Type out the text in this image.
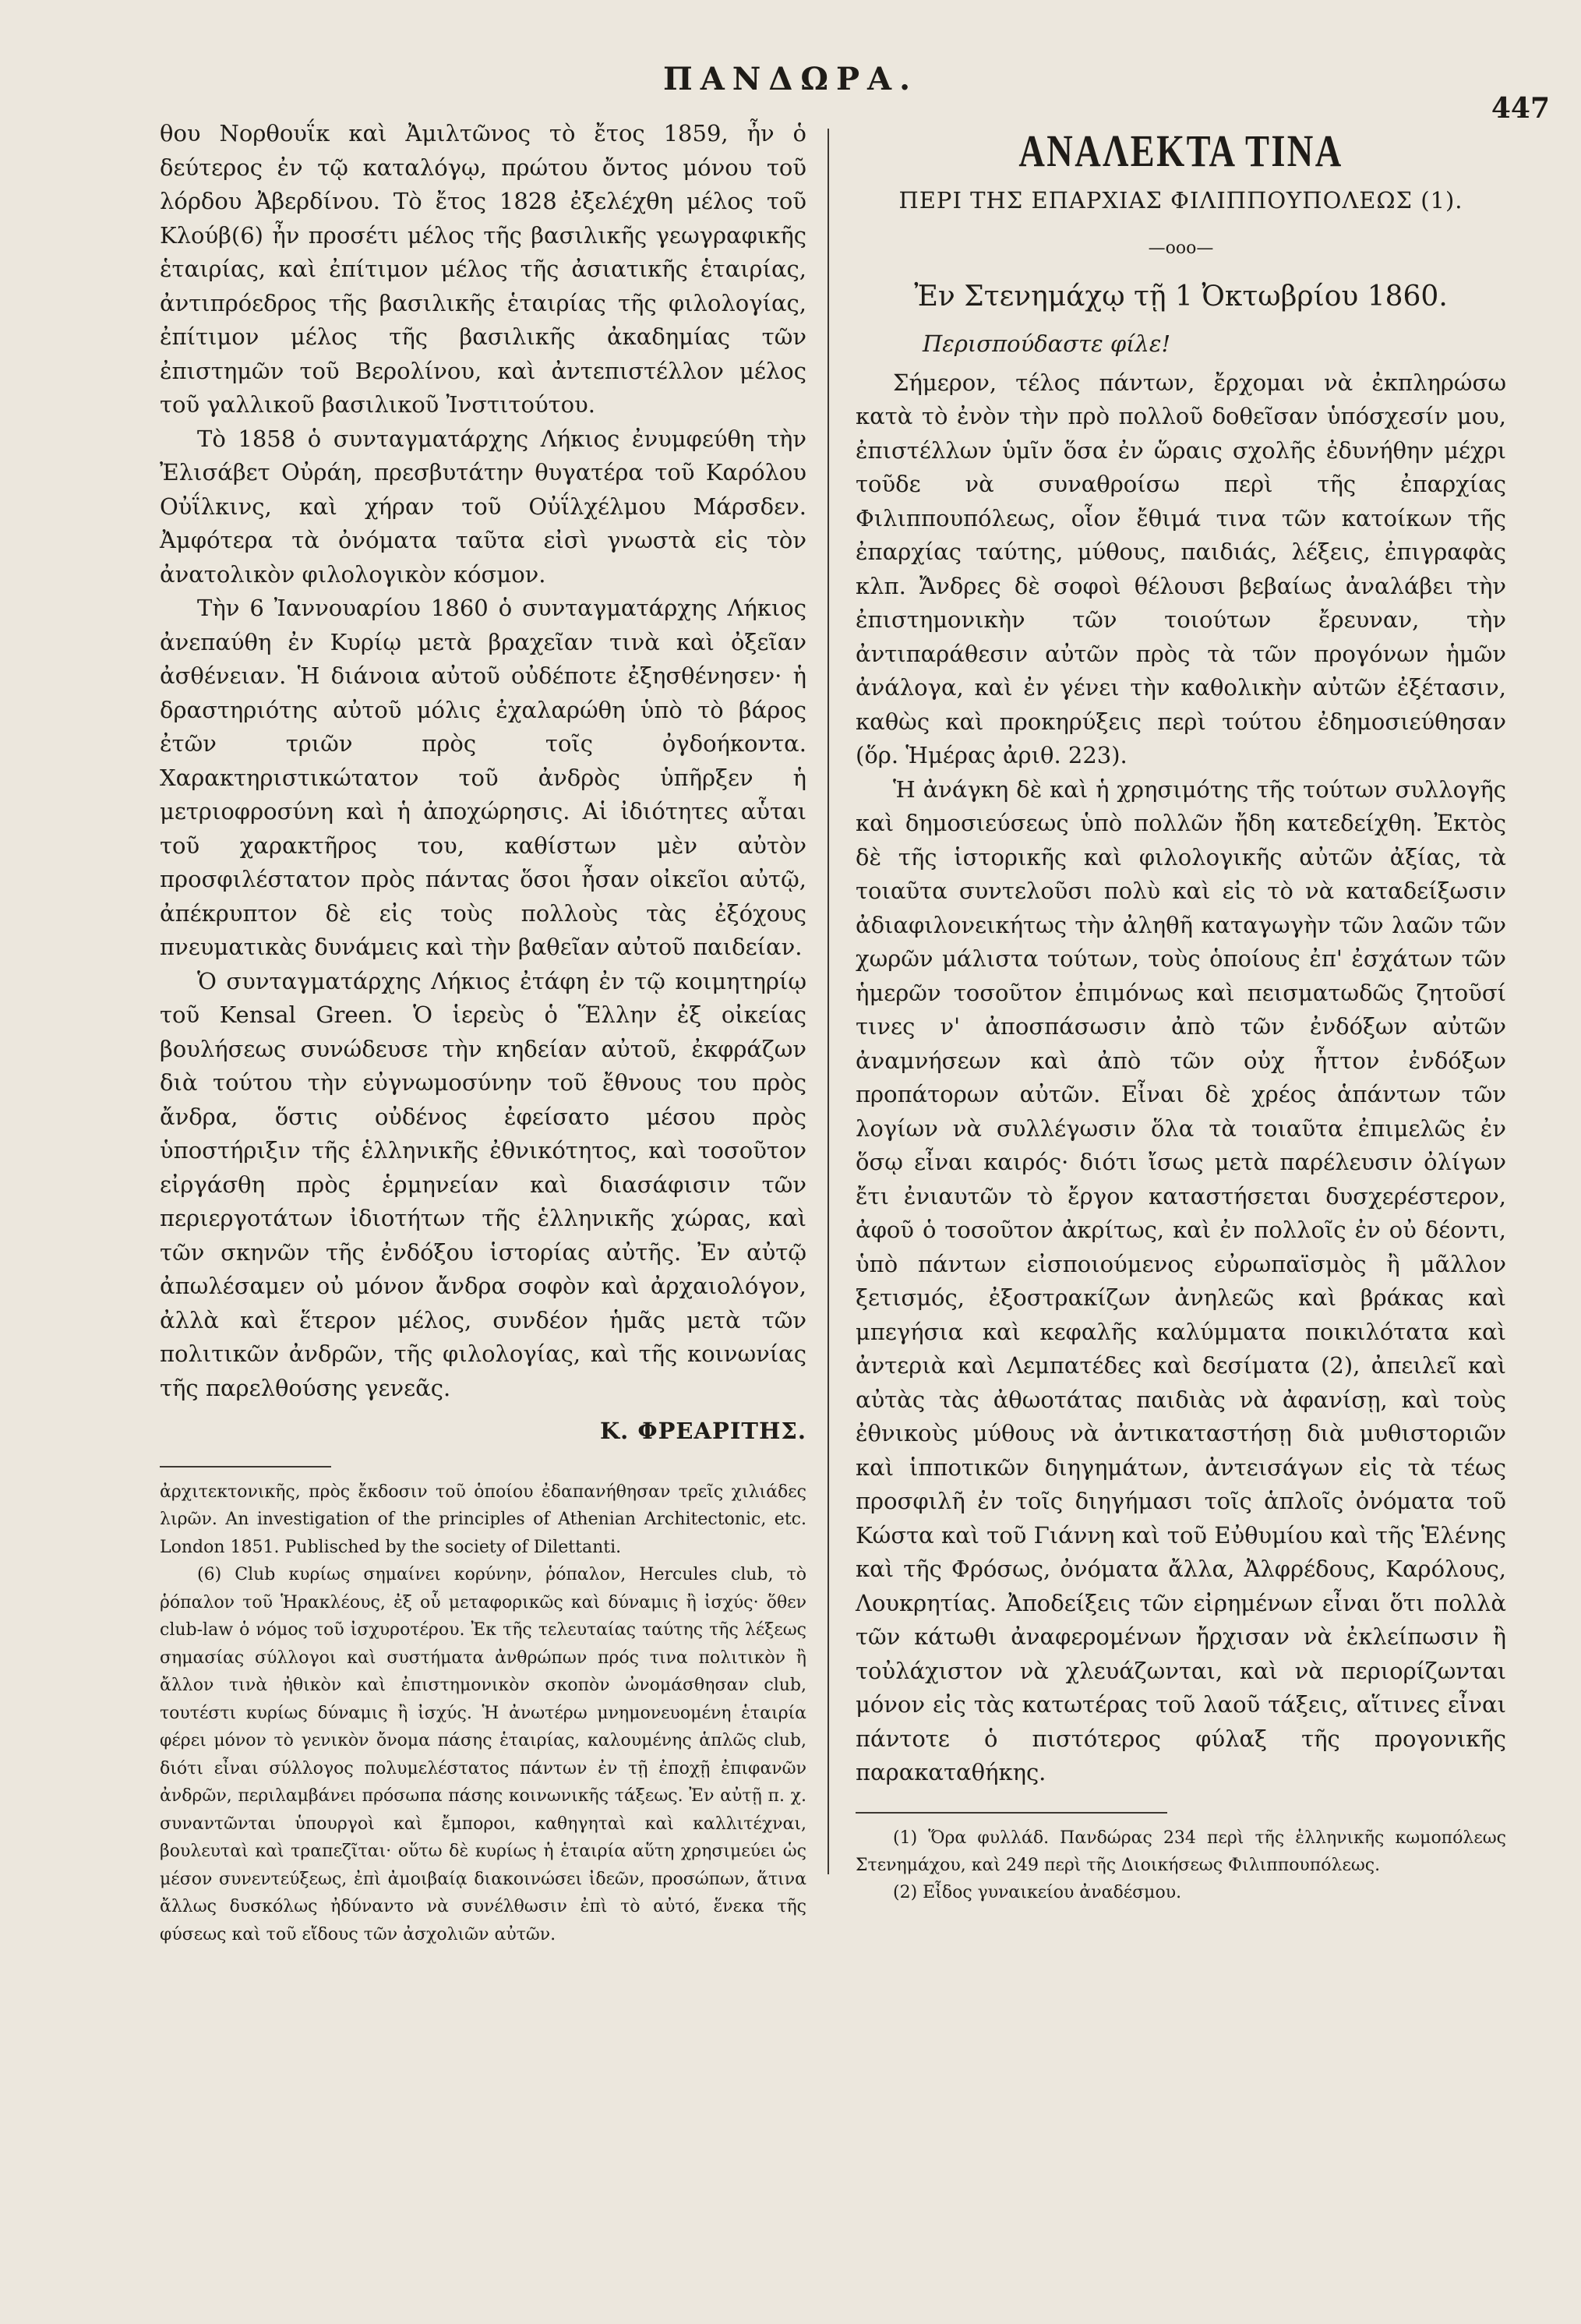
ΠΑΝΔΩΡΑ.
447

θου Νορθουΐκ καὶ Ἀμιλτῶνος τὸ ἔτος 1859, ἦν ὁ δεύτερος ἐν τῷ καταλόγῳ, πρώτου ὄντος μόνου τοῦ λόρδου Ἀβερδίνου. Τὸ ἔτος 1828 ἐξελέχθη μέλος τοῦ Κλούβ(6) ἦν προσέτι μέλος τῆς βασιλικῆς γεωγραφικῆς ἑταιρίας, καὶ ἐπίτιμον μέλος τῆς ἀσιατικῆς ἑταιρίας, ἀντιπρόεδρος τῆς βασιλικῆς ἑταιρίας τῆς φιλολογίας, ἐπίτιμον μέλος τῆς βασιλικῆς ἀκαδημίας τῶν ἐπιστημῶν τοῦ Βερολίνου, καὶ ἀντεπιστέλλον μέλος τοῦ γαλλικοῦ βασιλικοῦ Ἰνστιτούτου.

Τὸ 1858 ὁ συνταγματάρχης Λήκιος ἐνυμφεύθη τὴν Ἐλισάβετ Οὐράη, πρεσβυτάτην θυγατέρα τοῦ Καρόλου Οὐΐλκινς, καὶ χήραν τοῦ Οὐΐλχέλμου Μάρσδεν. Ἀμφότερα τὰ ὀνόματα ταῦτα εἰσὶ γνωστὰ εἰς τὸν ἀνατολικὸν φιλολογικὸν κόσμον.

Τὴν 6 Ἰαννουαρίου 1860 ὁ συνταγματάρχης Λήκιος ἀνεπαύθη ἐν Κυρίῳ μετὰ βραχεῖαν τινὰ καὶ ὀξεῖαν ἀσθένειαν. Ἡ διάνοια αὐτοῦ οὐδέποτε ἐξησθένησεν· ἡ δραστηριότης αὐτοῦ μόλις ἐχαλαρώθη ὑπὸ τὸ βάρος ἐτῶν τριῶν πρὸς τοῖς ὀγδοήκοντα. Χαρακτηριστικώτατον τοῦ ἀνδρὸς ὑπῆρξεν ἡ μετριοφροσύνη καὶ ἡ ἀποχώρησις. Αἱ ἰδιότητες αὗται τοῦ χαρακτῆρος του, καθίστων μὲν αὐτὸν προσφιλέστατον πρὸς πάντας ὅσοι ἦσαν οἰκεῖοι αὐτῷ, ἀπέκρυπτον δὲ εἰς τοὺς πολλοὺς τὰς ἐξόχους πνευματικὰς δυνάμεις καὶ τὴν βαθεῖαν αὐτοῦ παιδείαν.

Ὁ συνταγματάρχης Λήκιος ἐτάφη ἐν τῷ κοιμητηρίῳ τοῦ Kensal Green. Ὁ ἱερεὺς ὁ Ἕλλην ἐξ οἰκείας βουλήσεως συνώδευσε τὴν κηδείαν αὐτοῦ, ἐκφράζων διὰ τούτου τὴν εὐγνωμοσύνην τοῦ ἔθνους του πρὸς ἄνδρα, ὅστις οὐδένος ἐφείσατο μέσου πρὸς ὑποστήριξιν τῆς ἑλληνικῆς ἐθνικότητος, καὶ τοσοῦτον εἰργάσθη πρὸς ἑρμηνείαν καὶ διασάφισιν τῶν περιεργοτάτων ἰδιοτήτων τῆς ἑλληνικῆς χώρας, καὶ τῶν σκηνῶν τῆς ἐνδόξου ἱστορίας αὐτῆς. Ἐν αὐτῷ ἀπωλέσαμεν οὐ μόνον ἄνδρα σοφὸν καὶ ἀρχαιολόγον, ἀλλὰ καὶ ἕτερον μέλος, συνδέον ἡμᾶς μετὰ τῶν πολιτικῶν ἀνδρῶν, τῆς φιλολογίας, καὶ τῆς κοινωνίας τῆς παρελθούσης γενεᾶς.

Κ. ΦΡΕΑΡΙΤΗΣ.

ἀρχιτεκτονικῆς, πρὸς ἔκδοσιν τοῦ ὁποίου ἐδαπανήθησαν τρεῖς χιλιάδες λιρῶν. An investigation of the principles of Athenian Architectonic, etc. London 1851. Publisched by the society of Dilettanti.

(6) Club κυρίως σημαίνει κορύνην, ῥόπαλον, Hercules club, τὸ ῥόπαλον τοῦ Ἡρακλέους, ἐξ οὗ μεταφορικῶς καὶ δύναμις ἢ ἰσχύς· ὅθεν club-law ὁ νόμος τοῦ ἰσχυροτέρου. Ἐκ τῆς τελευταίας ταύτης τῆς λέξεως σημασίας σύλλογοι καὶ συστήματα ἀνθρώπων πρός τινα πολιτικὸν ἢ ἄλλον τινὰ ἠθικὸν καὶ ἐπιστημονικὸν σκοπὸν ὠνομάσθησαν club, τουτέστι κυρίως δύναμις ἢ ἰσχύς. Ἡ ἀνωτέρω μνημονευομένη ἑταιρία φέρει μόνον τὸ γενικὸν ὄνομα πάσης ἑταιρίας, καλουμένης ἁπλῶς club, διότι εἶναι σύλλογος πολυμελέστατος πάντων ἐν τῇ ἐποχῇ ἐπιφανῶν ἀνδρῶν, περιλαμβάνει πρόσωπα πάσης κοινωνικῆς τάξεως. Ἐν αὐτῇ π. χ. συναντῶνται ὑπουργοὶ καὶ ἔμποροι, καθηγηταὶ καὶ καλλιτέχναι, βουλευταὶ καὶ τραπεζῖται· οὕτω δὲ κυρίως ἡ ἑταιρία αὕτη χρησιμεύει ὡς μέσον συνεντεύξεως, ἐπὶ ἀμοιβαίᾳ διακοινώσει ἰδεῶν, προσώπων, ἅτινα ἄλλως δυσκόλως ἠδύναντο νὰ συνέλθωσιν ἐπὶ τὸ αὐτό, ἕνεκα τῆς φύσεως καὶ τοῦ εἴδους τῶν ἀσχολιῶν αὐτῶν.

ΑΝΑΛΕΚΤΑ ΤΙΝΑ
ΠΕΡΙ ΤΗΣ ΕΠΑΡΧΙΑΣ ΦΙΛΙΠΠΟΥΠΟΛΕΩΣ (1).
—ooo—
Ἐν Στενημάχῳ τῇ 1 Ὀκτωβρίου 1860.

Περισπούδαστε φίλε!

Σήμερον, τέλος πάντων, ἔρχομαι νὰ ἐκπληρώσω κατὰ τὸ ἐνὸν τὴν πρὸ πολλοῦ δοθεῖσαν ὑπόσχεσίν μου, ἐπιστέλλων ὑμῖν ὅσα ἐν ὥραις σχολῆς ἐδυνήθην μέχρι τοῦδε νὰ συναθροίσω περὶ τῆς ἐπαρχίας Φιλιππουπόλεως, οἷον ἔθιμά τινα τῶν κατοίκων τῆς ἐπαρχίας ταύτης, μύθους, παιδιάς, λέξεις, ἐπιγραφὰς κλπ. Ἄνδρες δὲ σοφοὶ θέλουσι βεβαίως ἀναλάβει τὴν ἐπιστημονικὴν τῶν τοιούτων ἔρευναν, τὴν ἀντιπαράθεσιν αὐτῶν πρὸς τὰ τῶν προγόνων ἡμῶν ἀνάλογα, καὶ ἐν γένει τὴν καθολικὴν αὐτῶν ἐξέτασιν, καθὼς καὶ προκηρύξεις περὶ τούτου ἐδημοσιεύθησαν (ὅρ. Ἡμέρας ἀριθ. 223).

Ἡ ἀνάγκη δὲ καὶ ἡ χρησιμότης τῆς τούτων συλλογῆς καὶ δημοσιεύσεως ὑπὸ πολλῶν ἤδη κατεδείχθη. Ἐκτὸς δὲ τῆς ἱστορικῆς καὶ φιλολογικῆς αὐτῶν ἀξίας, τὰ τοιαῦτα συντελοῦσι πολὺ καὶ εἰς τὸ νὰ καταδείξωσιν ἀδιαφιλονεικήτως τὴν ἀληθῆ καταγωγὴν τῶν λαῶν τῶν χωρῶν μάλιστα τούτων, τοὺς ὁποίους ἐπ' ἐσχάτων τῶν ἡμερῶν τοσοῦτον ἐπιμόνως καὶ πεισματωδῶς ζητοῦσί τινες ν' ἀποσπάσωσιν ἀπὸ τῶν ἐνδόξων αὐτῶν ἀναμνήσεων καὶ ἀπὸ τῶν οὐχ ἧττον ἐνδόξων προπάτορων αὐτῶν. Εἶναι δὲ χρέος ἁπάντων τῶν λογίων νὰ συλλέγωσιν ὅλα τὰ τοιαῦτα ἐπιμελῶς ἐν ὅσῳ εἶναι καιρός· διότι ἴσως μετὰ παρέλευσιν ὀλίγων ἔτι ἐνιαυτῶν τὸ ἔργον καταστήσεται δυσχερέστερον, ἀφοῦ ὁ τοσοῦτον ἀκρίτως, καὶ ἐν πολλοῖς ἐν οὐ δέοντι, ὑπὸ πάντων εἰσποιούμενος εὐρωπαϊσμὸς ἢ μᾶλλον ξετισμός, ἐξοστρακίζων ἀνηλεῶς καὶ βράκας καὶ μπεγήσια καὶ κεφαλῆς καλύμματα ποικιλότατα καὶ ἀντεριὰ καὶ Λεμπατέδες καὶ δεσίματα (2), ἀπειλεῖ καὶ αὐτὰς τὰς ἀθωοτάτας παιδιὰς νὰ ἀφανίσῃ, καὶ τοὺς ἐθνικοὺς μύθους νὰ ἀντικαταστήσῃ διὰ μυθιστοριῶν καὶ ἱπποτικῶν διηγημάτων, ἀντεισάγων εἰς τὰ τέως προσφιλῆ ἐν τοῖς διηγήμασι τοῖς ἁπλοῖς ὀνόματα τοῦ Κώστα καὶ τοῦ Γιάννη καὶ τοῦ Εὐθυμίου καὶ τῆς Ἑλένης καὶ τῆς Φρόσως, ὀνόματα ἄλλα, Ἀλφρέδους, Καρόλους, Λουκρητίας. Ἀποδείξεις τῶν εἰρημένων εἶναι ὅτι πολλὰ τῶν κάτωθι ἀναφερομένων ἤρχισαν νὰ ἐκλείπωσιν ἢ τοὐλάχιστον νὰ χλευάζωνται, καὶ νὰ περιορίζωνται μόνον εἰς τὰς κατωτέρας τοῦ λαοῦ τάξεις, αἵτινες εἶναι πάντοτε ὁ πιστότερος φύλαξ τῆς προγονικῆς παρακαταθήκης.

(1) Ὅρα φυλλάδ. Πανδώρας 234 περὶ τῆς ἑλληνικῆς κωμοπόλεως Στενημάχου, καὶ 249 περὶ τῆς Διοικήσεως Φιλιππουπόλεως.

(2) Εἶδος γυναικείου ἀναδέσμου.
